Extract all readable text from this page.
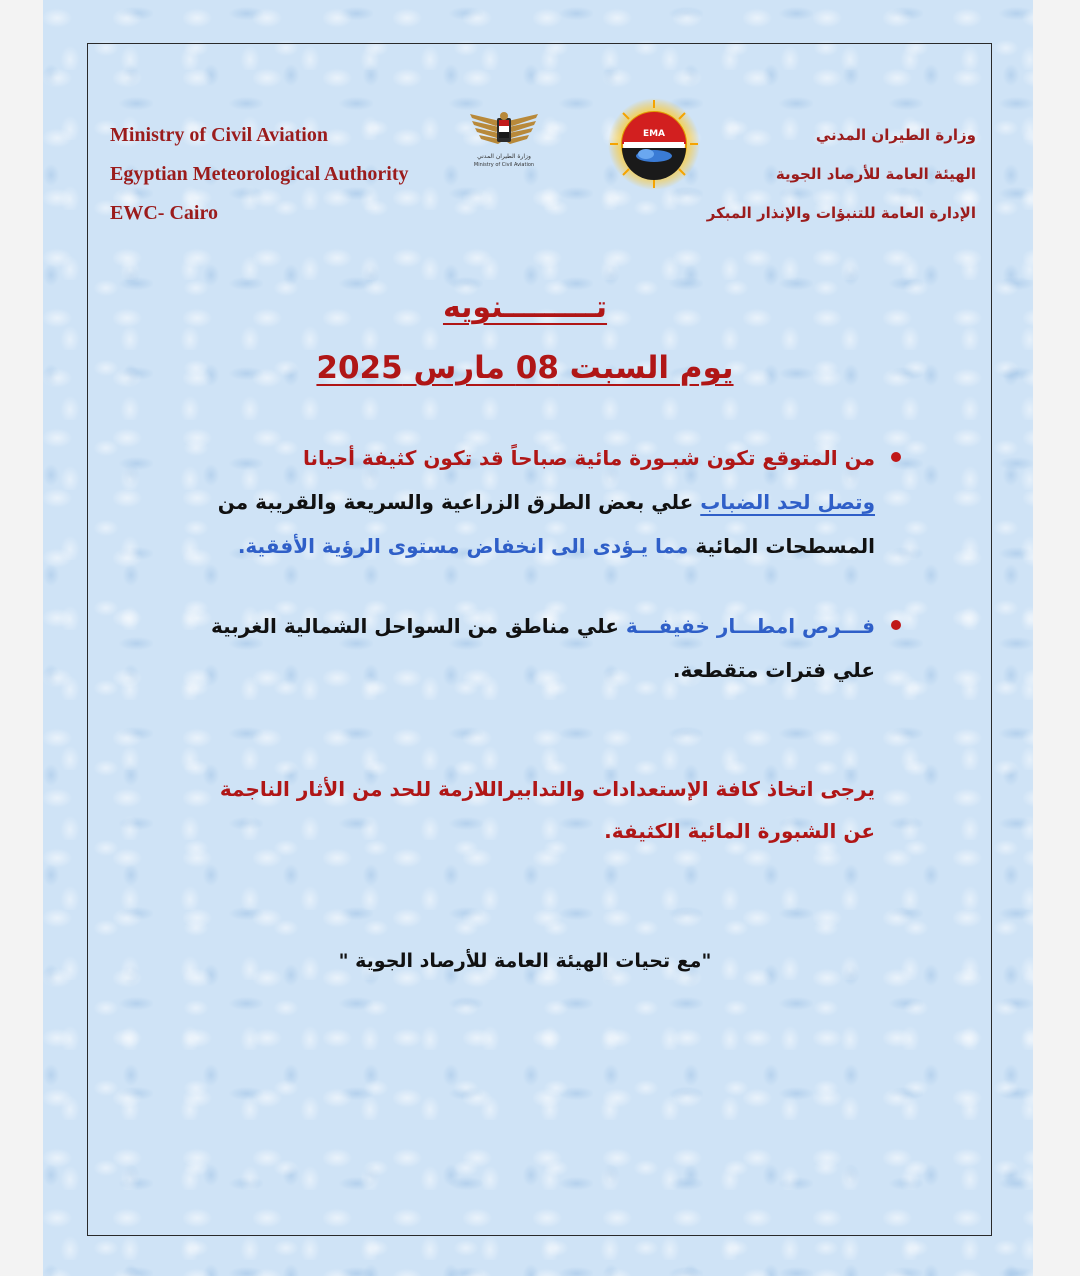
Ministry of Civil Aviation
Egyptian Meteorological Authority
EWC- Cairo
وزارة الطيران المدني
Ministry of Civil Aviation
EMA	وزارة الطيران المدني
الهيئة العامة للأرصاد الجوية
الإدارة العامة للتنبؤات والإنذار المبكر
تـــــــــنويه
يوم السبت 08 مارس 2025
من المتوقع تكون شبـورة مائية صباحاً قد تكون كثيفة أحيانا
وتصل لحد الضباب علي بعض الطرق الزراعية والسريعة والقريبة من
المسطحات المائية مما يـؤدى الى انخفاض مستوى الرؤية الأفقية.
فـــرص امطـــار خفيفـــة علي مناطق من السواحل الشمالية الغربية
علي فترات متقطعة.
يرجى اتخاذ كافة الإستعدادات والتدابيراللازمة للحد من الأثار الناجمة
عن الشبورة المائية الكثيفة.
"مع تحيات الهيئة العامة للأرصاد الجوية "
